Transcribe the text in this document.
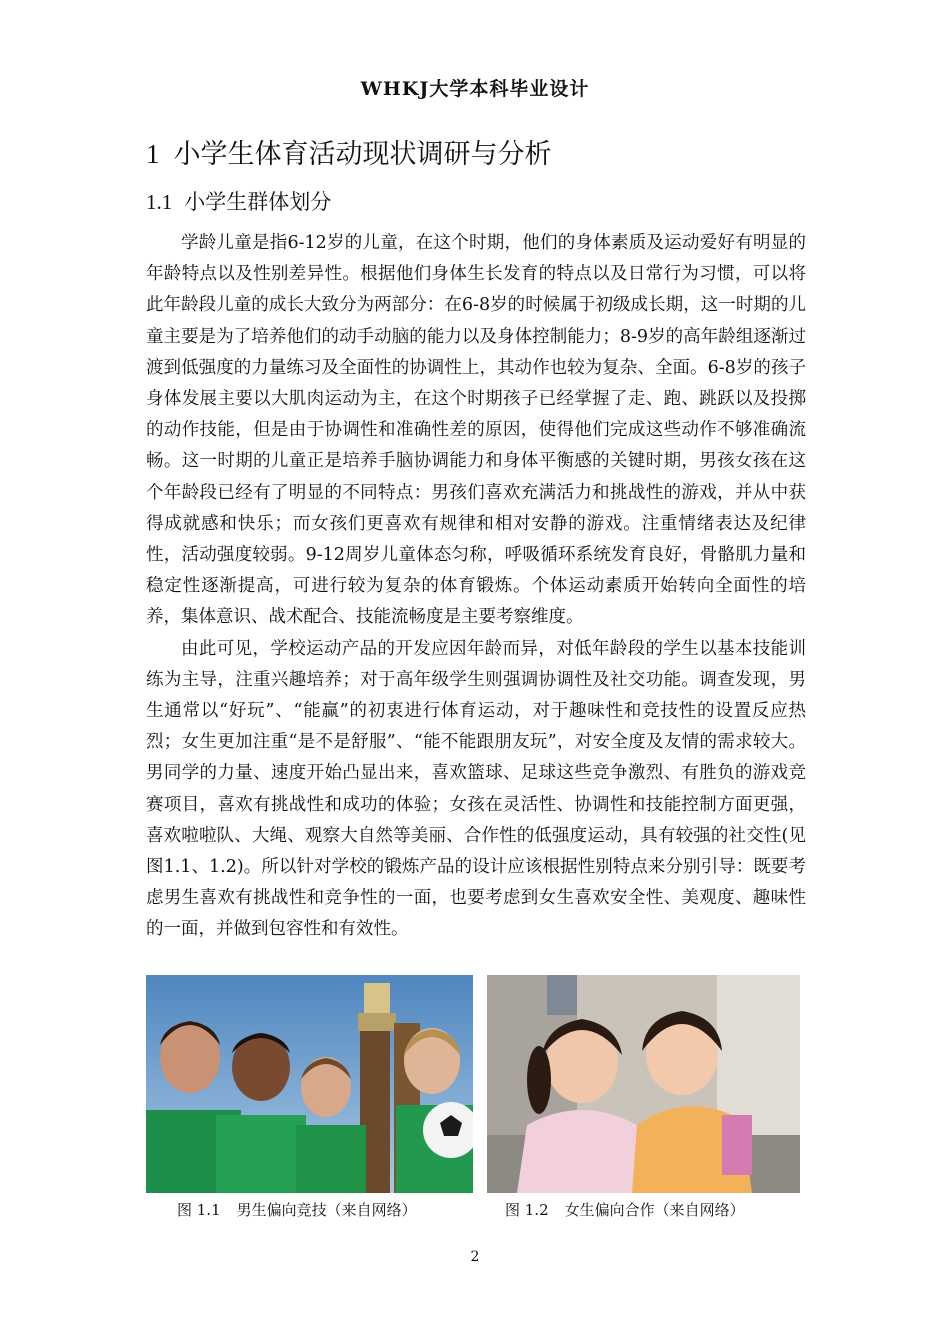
WHKJ大学本科毕业设计
1 小学生体育活动现状调研与分析
1.1 小学生群体划分

学龄儿童是指6-12岁的儿童，在这个时期，他们的身体素质及运动爱好有明显的年龄特点以及性别差异性。根据他们身体生长发育的特点以及日常行为习惯，可以将此年龄段儿童的成长大致分为两部分：在6-8岁的时候属于初级成长期，这一时期的儿童主要是为了培养他们的动手动脑的能力以及身体控制能力；8-9岁的高年龄组逐渐过渡到低强度的力量练习及全面性的协调性上，其动作也较为复杂、全面。6-8岁的孩子身体发展主要以大肌肉运动为主，在这个时期孩子已经掌握了走、跑、跳跃以及投掷的动作技能，但是由于协调性和准确性差的原因，使得他们完成这些动作不够准确流畅。这一时期的儿童正是培养手脑协调能力和身体平衡感的关键时期，男孩女孩在这个年龄段已经有了明显的不同特点：男孩们喜欢充满活力和挑战性的游戏，并从中获得成就感和快乐；而女孩们更喜欢有规律和相对安静的游戏。注重情绪表达及纪律性，活动强度较弱。9-12周岁儿童体态匀称，呼吸循环系统发育良好，骨骼肌力量和稳定性逐渐提高，可进行较为复杂的体育锻炼。个体运动素质开始转向全面性的培养，集体意识、战术配合、技能流畅度是主要考察维度。

由此可见，学校运动产品的开发应因年龄而异，对低年龄段的学生以基本技能训练为主导，注重兴趣培养；对于高年级学生则强调协调性及社交功能。调查发现，男生通常以“好玩”、“能赢”的初衷进行体育运动，对于趣味性和竞技性的设置反应热烈；女生更加注重“是不是舒服”、“能不能跟朋友玩”，对安全度及友情的需求较大。男同学的力量、速度开始凸显出来，喜欢篮球、足球这些竞争激烈、有胜负的游戏竞赛项目，喜欢有挑战性和成功的体验；女孩在灵活性、协调性和技能控制方面更强，喜欢啦啦队、大绳、观察大自然等美丽、合作性的低强度运动，具有较强的社交性(见图1.1、1.2)。所以针对学校的锻炼产品的设计应该根据性别特点来分别引导：既要考虑男生喜欢有挑战性和竞争性的一面，也要考虑到女生喜欢安全性、美观度、趣味性的一面，并做到包容性和有效性。

图 1.1 男生偏向竞技（来自网络）	图 1.2 女生偏向合作（来自网络）
2
